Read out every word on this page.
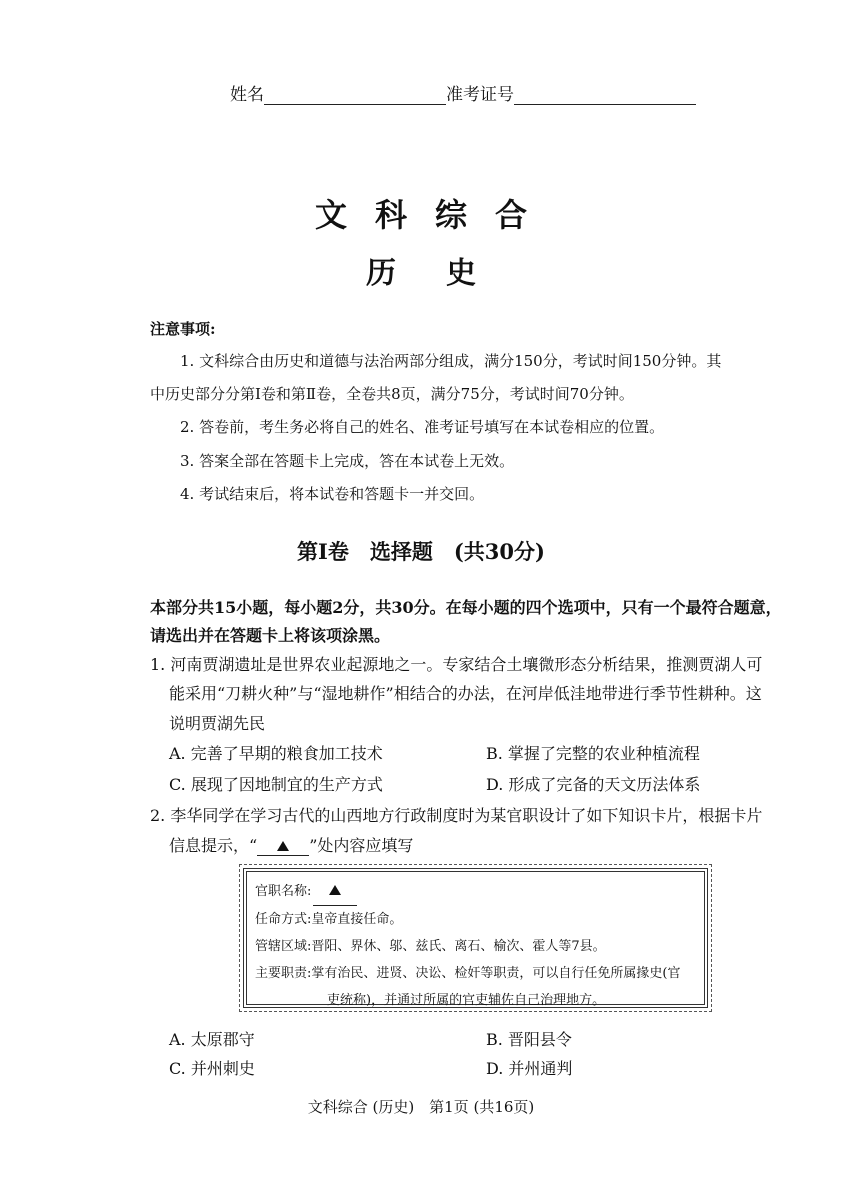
姓名	准考证号
文科综合
历史
注意事项:
1. 文科综合由历史和道德与法治两部分组成，满分150分，考试时间150分钟。其
中历史部分分第Ⅰ卷和第Ⅱ卷，全卷共8页，满分75分，考试时间70分钟。
2. 答卷前，考生务必将自己的姓名、准考证号填写在本试卷相应的位置。
3. 答案全部在答题卡上完成，答在本试卷上无效。
4. 考试结束后，将本试卷和答题卡一并交回。
第Ⅰ卷　选择题　(共30分)
本部分共15小题，每小题2分，共30分。在每小题的四个选项中，只有一个最符合题意，
请选出并在答题卡上将该项涂黑。
1. 河南贾湖遗址是世界农业起源地之一。专家结合土壤微形态分析结果，推测贾湖人可
能采用“刀耕火种”与“湿地耕作”相结合的办法，在河岸低洼地带进行季节性耕种。这
说明贾湖先民
A. 完善了早期的粮食加工技术	B. 掌握了完整的农业种植流程
C. 展现了因地制宜的生产方式	D. 形成了完备的天文历法体系
2. 李华同学在学习古代的山西地方行政制度时为某官职设计了如下知识卡片，根据卡片
信息提示，“	”处内容应填写
官职名称:
任命方式:皇帝直接任命。
管辖区域:晋阳、界休、邬、兹氏、离石、榆次、霍人等7县。
主要职责:掌有治民、进贤、决讼、检奸等职责，可以自行任免所属掾史(官
吏统称)，并通过所属的官吏辅佐自己治理地方。
A. 太原郡守	B. 晋阳县令
C. 并州刺史	D. 并州通判
文科综合 (历史)　第1页 (共16页)
